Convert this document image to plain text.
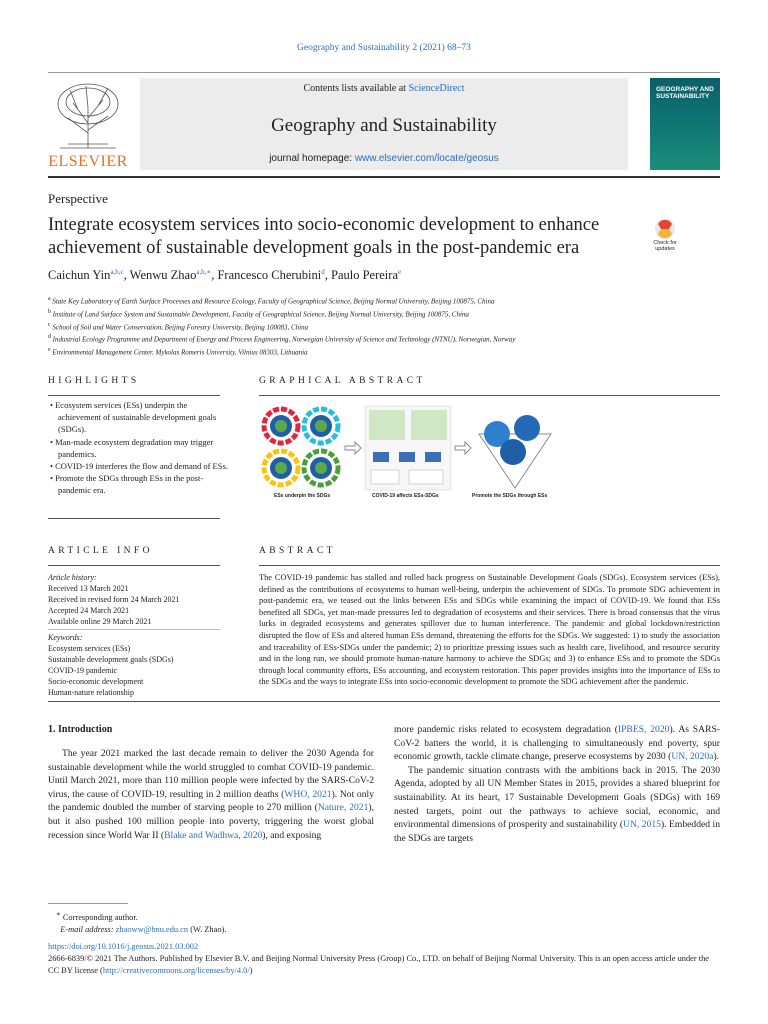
Geography and Sustainability 2 (2021) 68–73
ELSEVIER
Contents lists available at ScienceDirect
Geography and Sustainability
journal homepage: www.elsevier.com/locate/geosus
GEOGRAPHY AND
SUSTAINABILITY
Perspective
Integrate ecosystem services into socio-economic development to enhance achievement of sustainable development goals in the post-pandemic era	Check for
updates
Caichun Yin$^{a,b,c}$, Wenwu Zhao$^{a,b,∗}$, Francesco Cherubini$^d$, Paulo Pereira$^e$
$^a$ State Key Laboratory of Earth Surface Processes and Resource Ecology, Faculty of Geographical Science, Beijing Normal University, Beijing 100875, China
$^b$ Institute of Land Surface System and Sustainable Development, Faculty of Geographical Science, Beijing Normal University, Beijing 100875, China
$^c$ School of Soil and Water Conservation, Beijing Forestry University, Beijing 100083, China
$^d$ Industrial Ecology Programme and Department of Energy and Process Engineering, Norwegian University of Science and Technology (NTNU), Norwegian, Norway
$^e$ Environmental Management Center, Mykolas Romeris University, Vilnius 08303, Lithuania
HIGHLIGHTS
• Ecosystem services (ESs) underpin the achievement of sustainable development goals (SDGs).
• Man-made ecosystem degradation may trigger pandemics.
• COVID-19 interferes the flow and demand of ESs.
• Promote the SDGs through ESs in the post-pandemic era.
GRAPHICAL ABSTRACT
ESs underpin the SDGs	COVID-19 affects ESs-SDGs	Promote the SDGs through ESs
ARTICLE INFO
Article history:
Received 13 March 2021
Received in revised form 24 March 2021
Accepted 24 March 2021
Available online 29 March 2021
Keywords:
Ecosystem services (ESs)
Sustainable development goals (SDGs)
COVID-19 pandemic
Socio-economic development
Human-nature relationship
ABSTRACT
The COVID-19 pandemic has stalled and rolled back progress on Sustainable Development Goals (SDGs). Ecosystem services (ESs), defined as the contributions of ecosystems to human well-being, underpin the achievement of SDGs. To promote SDG achievement in post-pandemic era, we teased out the links between ESs and SDGs while examining the impact of COVID-19. We found that ESs benefited all SDGs, yet man-made pressures led to degradation of ecosystems and their services. There is broad consensus that the virus lurks in degraded ecosystems and generates spillover due to human interference. The pandemic and global lockdown/restriction disrupted the flow of ESs and altered human ESs demand, threatening the efforts for the SDGs. We suggested: 1) to study the association and traceability of ESs-SDGs under the pandemic; 2) to prioritize pressing issues such as health care, livelihood, and resource security and in the long run, we should promote human-nature harmony to achieve the SDGs; and 3) to enhance ESs and to promote the SDGs through local community efforts, ESs accounting, and ecosystem restoration. This paper provides insights into the importance of ESs to the SDGs and the ways to integrate ESs into socio-economic development to promote the SDG achievement after the pandemic.
1. Introduction

The year 2021 marked the last decade remain to deliver the 2030 Agenda for sustainable development while the world struggled to combat COVID-19 pandemic. Until March 2021, more than 110 million people were infected by the SARS-CoV-2 virus, the cause of COVID-19, resulting in 2 million deaths (WHO, 2021). Not only the pandemic doubled the number of starving people to 270 million (Nature, 2021), but it also pushed 100 million people into poverty, triggering the worst global recession since World War II (Blake and Wadhwa, 2020), and exposing

more pandemic risks related to ecosystem degradation (IPBES, 2020). As SARS-CoV-2 batters the world, it is challenging to simultaneously end poverty, spur economic growth, tackle climate change, preserve ecosystems by 2030 (UN, 2020a).

The pandemic situation contrasts with the ambitions back in 2015. The 2030 Agenda, adopted by all UN Member States in 2015, provides a shared blueprint for sustainability. At its heart, 17 Sustainable Development Goals (SDGs) with 169 nested targets, point out the pathways to achieve social, economic, and environmental dimensions of prosperity and sustainability (UN, 2015). Embedded in the SDGs are targets

∗ Corresponding author.
E-mail address: zhaoww@bnu.edu.cn (W. Zhao).
https://doi.org/10.1016/j.geosus.2021.03.002
2666-6839/© 2021 The Authors. Published by Elsevier B.V. and Beijing Normal University Press (Group) Co., LTD. on behalf of Beijing Normal University. This is an open access article under the CC BY license (http://creativecommons.org/licenses/by/4.0/)
